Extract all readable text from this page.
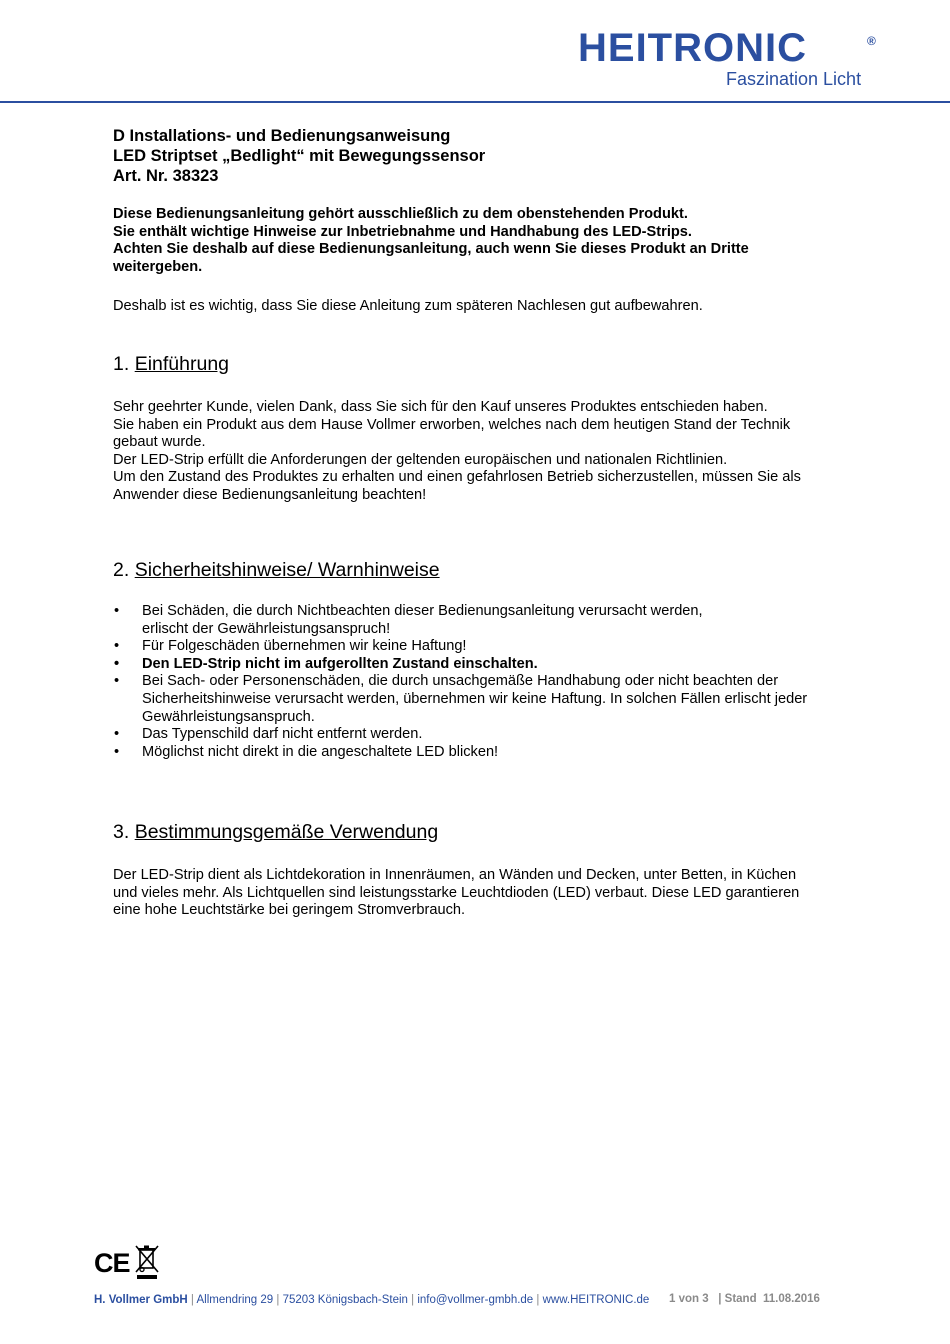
HEITRONIC	®
Faszination Licht
D Installations- und Bedienungsanweisung
LED Striptset „Bedlight“ mit Bewegungssensor
Art. Nr. 38323
Diese Bedienungsanleitung gehört ausschließlich zu dem obenstehenden Produkt.
Sie enthält wichtige Hinweise zur Inbetriebnahme und Handhabung des LED-Strips.
Achten Sie deshalb auf diese Bedienungsanleitung, auch wenn Sie dieses Produkt an Dritte
weitergeben.
Deshalb ist es wichtig, dass Sie diese Anleitung zum späteren Nachlesen gut aufbewahren.
1. Einführung
Sehr geehrter Kunde, vielen Dank, dass Sie sich für den Kauf unseres Produktes entschieden haben.
Sie haben ein Produkt aus dem Hause Vollmer erworben, welches nach dem heutigen Stand der Technik
gebaut wurde.
Der LED-Strip erfüllt die Anforderungen der geltenden europäischen und nationalen Richtlinien.
Um den Zustand des Produktes zu erhalten und einen gefahrlosen Betrieb sicherzustellen, müssen Sie als
Anwender diese Bedienungsanleitung beachten!
2. Sicherheitshinweise/ Warnhinweise
• Bei Schäden, die durch Nichtbeachten dieser Bedienungsanleitung verursacht werden,
erlischt der Gewährleistungsanspruch!
• Für Folgeschäden übernehmen wir keine Haftung!
• Den LED-Strip nicht im aufgerollten Zustand einschalten.
• Bei Sach- oder Personenschäden, die durch unsachgemäße Handhabung oder nicht beachten der
Sicherheitshinweise verursacht werden, übernehmen wir keine Haftung. In solchen Fällen erlischt jeder
Gewährleistungsanspruch.
• Das Typenschild darf nicht entfernt werden.
• Möglichst nicht direkt in die angeschaltete LED blicken!
3. Bestimmungsgemäße Verwendung
Der LED-Strip dient als Lichtdekoration in Innenräumen, an Wänden und Decken, unter Betten, in Küchen
und vieles mehr. Als Lichtquellen sind leistungsstarke Leuchtdioden (LED) verbaut. Diese LED garantieren
eine hohe Leuchtstärke bei geringem Stromverbrauch.
CE
H. Vollmer GmbH | Allmendring 29 | 75203 Königsbach-Stein | info@vollmer-gmbh.de | www.HEITRONIC.de	1 von 3 | Stand 11.08.2016
